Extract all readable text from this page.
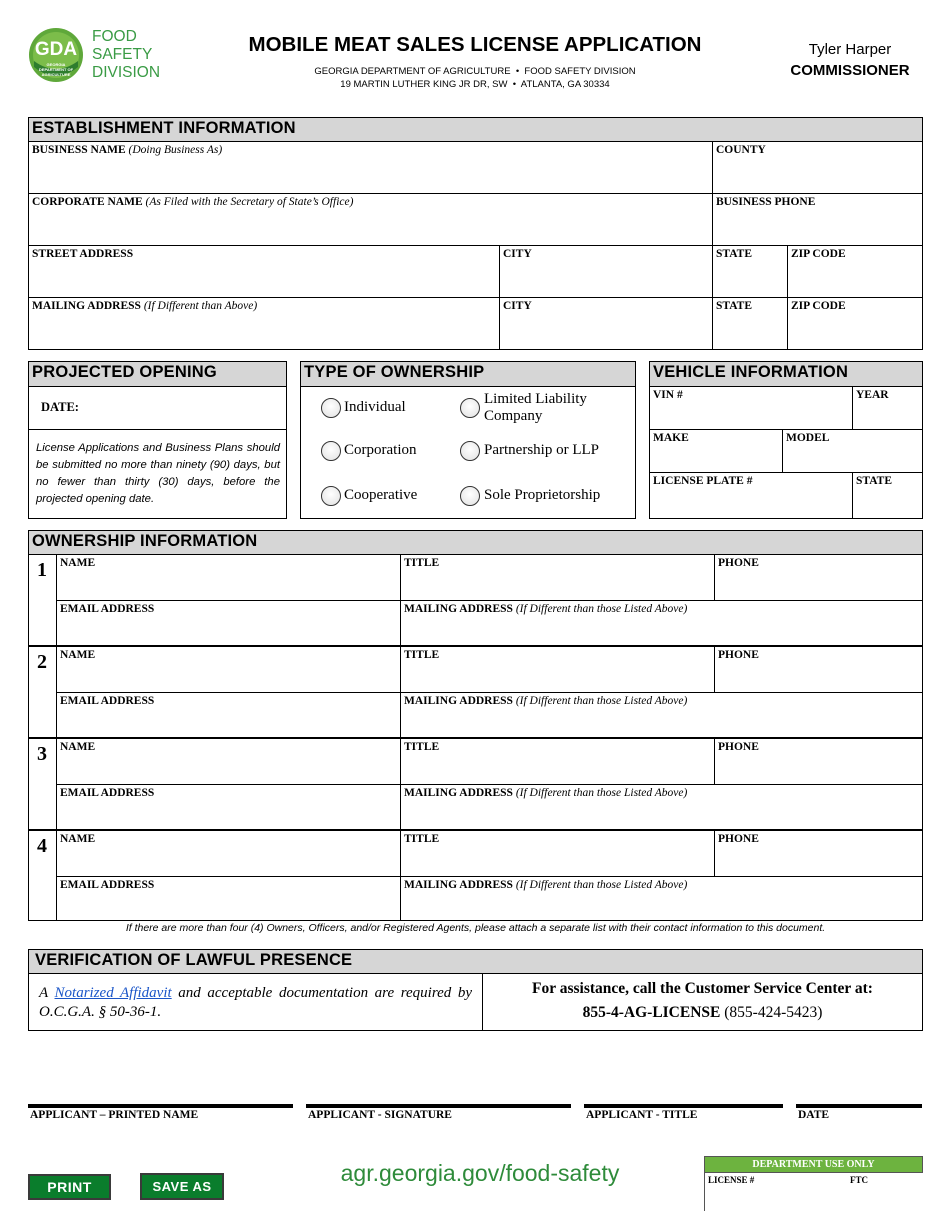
GDA
GEORGIA DEPARTMENT OF AGRICULTURE
FOOD
SAFETY
DIVISION
MOBILE MEAT SALES LICENSE APPLICATION
GEORGIA DEPARTMENT OF AGRICULTURE  •  FOOD SAFETY DIVISION
19 MARTIN LUTHER KING JR DR, SW  •  ATLANTA, GA 30334
Tyler Harper
COMMISSIONER
ESTABLISHMENT INFORMATION
BUSINESS NAME (Doing Business As)	COUNTY
CORPORATE NAME (As Filed with the Secretary of State’s Office)	BUSINESS PHONE
STREET ADDRESS	CITY	STATE	ZIP CODE
MAILING ADDRESS (If Different than Above)	CITY	STATE	ZIP CODE
PROJECTED OPENING
DATE:
License Applications and Business Plans should be submitted no more than ninety (90) days, but no fewer than thirty (30) days, before the projected opening date.
TYPE OF OWNERSHIP
Individual	Limited Liability Company
Corporation	Partnership or LLP
Cooperative	Sole Proprietorship
VEHICLE INFORMATION
VIN #	YEAR
MAKE	MODEL
LICENSE PLATE #	STATE
OWNERSHIP INFORMATION
1 NAME	TITLE	PHONE
EMAIL ADDRESS	MAILING ADDRESS (If Different than those Listed Above)
2 NAME	TITLE	PHONE
EMAIL ADDRESS	MAILING ADDRESS (If Different than those Listed Above)
3 NAME	TITLE	PHONE
EMAIL ADDRESS	MAILING ADDRESS (If Different than those Listed Above)
4 NAME	TITLE	PHONE
EMAIL ADDRESS	MAILING ADDRESS (If Different than those Listed Above)
If there are more than four (4) Owners, Officers, and/or Registered Agents, please attach a separate list with their contact information to this document.
VERIFICATION OF LAWFUL PRESENCE
A Notarized Affidavit and acceptable documentation are required by O.C.G.A. § 50-36-1.
For assistance, call the Customer Service Center at:
855-4-AG-LICENSE (855-424-5423)
APPLICANT – PRINTED NAME	APPLICANT - SIGNATURE	APPLICANT - TITLE	DATE
PRINT	SAVE AS
agr.georgia.gov/food-safety	DEPARTMENT USE ONLY
LICENSE #	FTC
